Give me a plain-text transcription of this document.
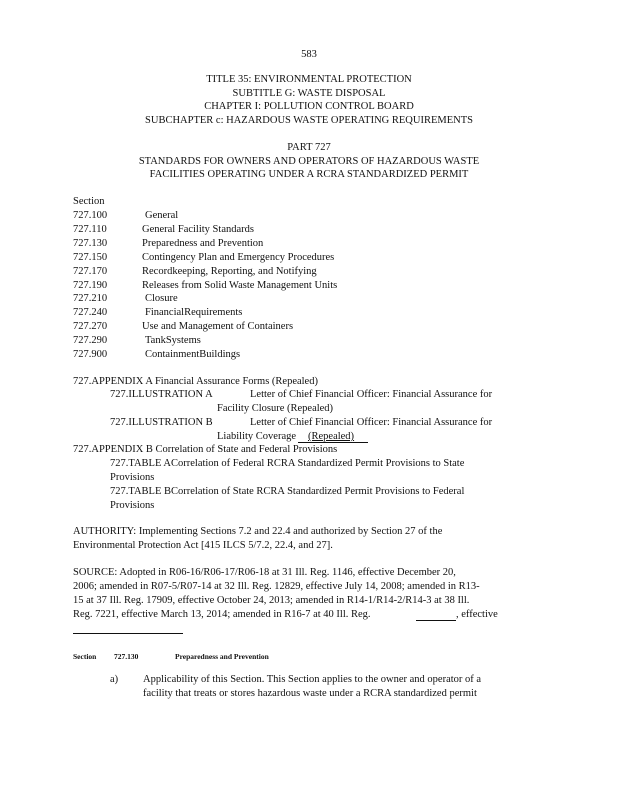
583
TITLE 35: ENVIRONMENTAL PROTECTION
SUBTITLE G: WASTE DISPOSAL
CHAPTER I: POLLUTION CONTROL BOARD
SUBCHAPTER c: HAZARDOUS WASTE OPERATING REQUIREMENTS
PART 727
STANDARDS FOR OWNERS AND OPERATORS OF HAZARDOUS WASTE
FACILITIES OPERATING UNDER A RCRA STANDARDIZED PERMIT
Section
727.100	General
727.110	General Facility Standards
727.130	Preparedness and Prevention
727.150	Contingency Plan and Emergency Procedures
727.170	Recordkeeping, Reporting, and Notifying
727.190	Releases from Solid Waste Management Units
727.210	Closure
727.240	FinancialRequirements
727.270	Use and Management of Containers
727.290	TankSystems
727.900	ContainmentBuildings
727.APPENDIX A Financial Assurance Forms (Repealed)
727.ILLUSTRATION A	Letter of Chief Financial Officer: Financial Assurance for
Facility Closure (Repealed)
727.ILLUSTRATION B	Letter of Chief Financial Officer: Financial Assurance for
Liability Coverage (Repealed)
727.APPENDIX B Correlation of State and Federal Provisions
727.TABLE ACorrelation of Federal RCRA Standardized Permit Provisions to State
Provisions
727.TABLE BCorrelation of State RCRA Standardized Permit Provisions to Federal
Provisions
AUTHORITY: Implementing Sections 7.2 and 22.4 and authorized by Section 27 of the
Environmental Protection Act [415 ILCS 5/7.2, 22.4, and 27].
SOURCE: Adopted in R06-16/R06-17/R06-18 at 31 Ill. Reg. 1146, effective December 20,
2006; amended in R07-5/R07-14 at 32 Ill. Reg. 12829, effective July 14, 2008; amended in R13-
15 at 37 Ill. Reg. 17909, effective October 24, 2013; amended in R14-1/R14-2/R14-3 at 38 Ill.
Reg. 7221, effective March 13, 2014; amended in R16-7 at 40 Ill. Reg.	, effective
Section 727.130	Preparedness and Prevention
a) Applicability of this Section. This Section applies to the owner and operator of a
facility that treats or stores hazardous waste under a RCRA standardized permit
